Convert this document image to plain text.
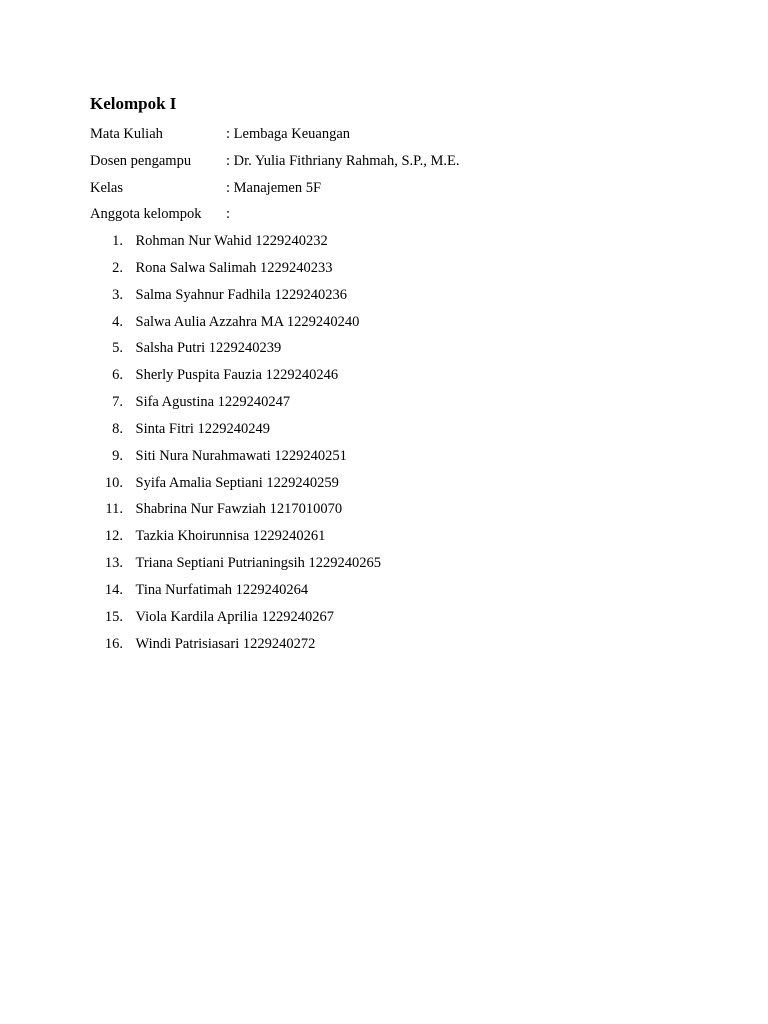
Kelompok I
Mata Kuliah	: Lembaga Keuangan
Dosen pengampu : Dr. Yulia Fithriany Rahmah, S.P., M.E.
Kelas	: Manajemen 5F
Anggota kelompok :
1. Rohman Nur Wahid 1229240232
2. Rona Salwa Salimah 1229240233
3. Salma Syahnur Fadhila 1229240236
4. Salwa Aulia Azzahra MA 1229240240
5. Salsha Putri 1229240239
6. Sherly Puspita Fauzia 1229240246
7. Sifa Agustina 1229240247
8. Sinta Fitri 1229240249
9. Siti Nura Nurahmawati 1229240251
10. Syifa Amalia Septiani 1229240259
11. Shabrina Nur Fawziah 1217010070
12. Tazkia Khoirunnisa 1229240261
13. Triana Septiani Putrianingsih 1229240265
14. Tina Nurfatimah 1229240264
15. Viola Kardila Aprilia 1229240267
16. Windi Patrisiasari 1229240272
